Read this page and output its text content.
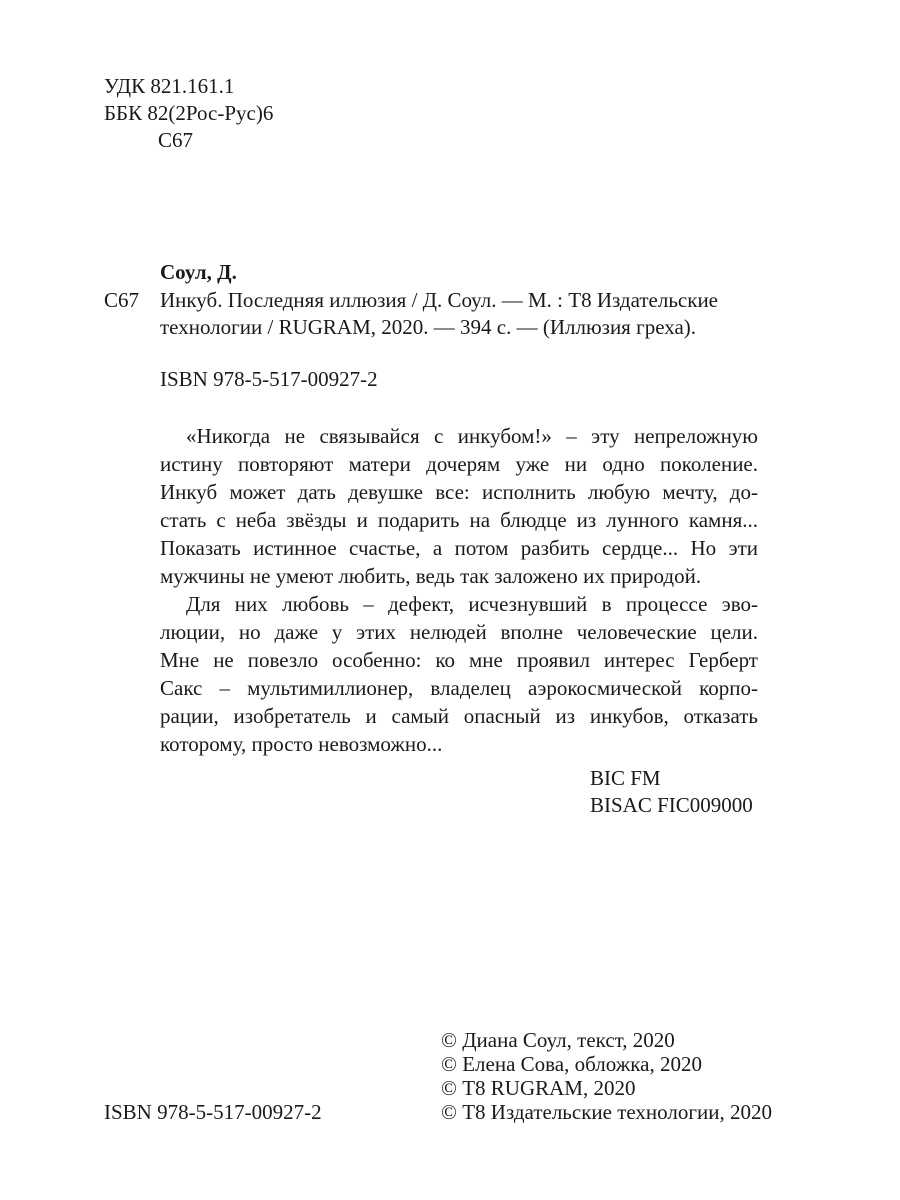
УДК 821.161.1
ББК 82(2Рос-Рус)6
С67
Соул, Д.
С67 Инкуб. Последняя иллюзия / Д. Соул. — М. : Т8 Издательские
технологии / RUGRAM, 2020. — 394 с. — (Иллюзия греха).
ISBN 978-5-517-00927-2
«Никогда не связывайся с инкубом!» – эту непреложную
истину повторяют матери дочерям уже ни одно поколение.
Инкуб может дать девушке все: исполнить любую мечту, до-
стать с неба звёзды и подарить на блюдце из лунного камня...
Показать истинное счастье, а потом разбить сердце... Но эти
мужчины не умеют любить, ведь так заложено их природой.
Для них любовь – дефект, исчезнувший в процессе эво-
люции, но даже у этих нелюдей вполне человеческие цели.
Мне не повезло особенно: ко мне проявил интерес Герберт
Сакс – мультимиллионер, владелец аэрокосмической корпо-
рации, изобретатель и самый опасный из инкубов, отказать
которому, просто невозможно...
BIC FM
BISAC FIC009000
© Диана Соул, текст, 2020
© Елена Сова, обложка, 2020
© Т8 RUGRAM, 2020
© Т8 Издательские технологии, 2020
ISBN 978-5-517-00927-2
